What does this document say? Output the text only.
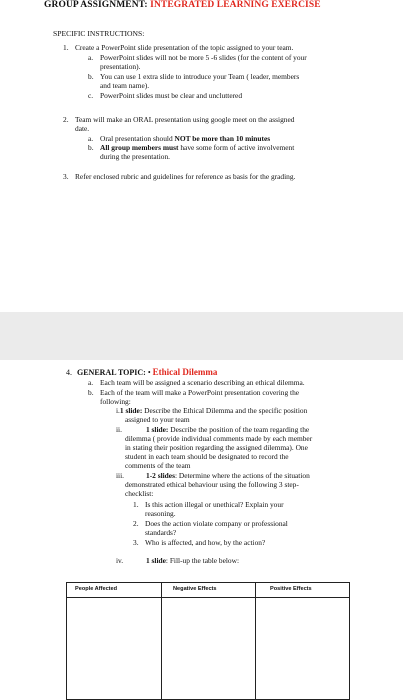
GROUP ASSIGNMENT: INTEGRATED LEARNING EXERCISE
SPECIFIC INSTRUCTIONS:
1. Create a PowerPoint slide presentation of the topic assigned to your team.
a. PowerPoint slides will not be more 5 -6 slides (for the content of your
presentation).
b. You can use 1 extra slide to introduce your Team ( leader, members
and team name).
c. PowerPoint slides must be clear and uncluttered
2. Team will make an ORAL presentation using google meet on the assigned
date.
a. Oral presentation should NOT be more than 10 minutes
b. All group members must have some form of active involvement
during the presentation.
3. Refer enclosed rubric and guidelines for reference as basis for the grading.
4. GENERAL TOPIC: • Ethical Dilemma
a. Each team will be assigned a scenario describing an ethical dilemma.
b. Each of the team will make a PowerPoint presentation covering the
following:
i.1 slide: Describe the Ethical Dilemma and the specific position
assigned to your team
ii.	1 slide: Describe the position of the team regarding the
dilemma ( provide individual comments made by each member
in stating their position regarding the assigned dilemma). One
student in each team should be designated to record the
comments of the team
iii.	1-2 slides: Determine where the actions of the situation
demonstrated ethical behaviour using the following 3 step-
checklist:
1. Is this action illegal or unethical? Explain your
reasoning.
2. Does the action violate company or professional
standards?
3. Who is affected, and how, by the action?
iv.	1 slide: Fill-up the table below:
People Affected	Negative Effects	Positive Effects
